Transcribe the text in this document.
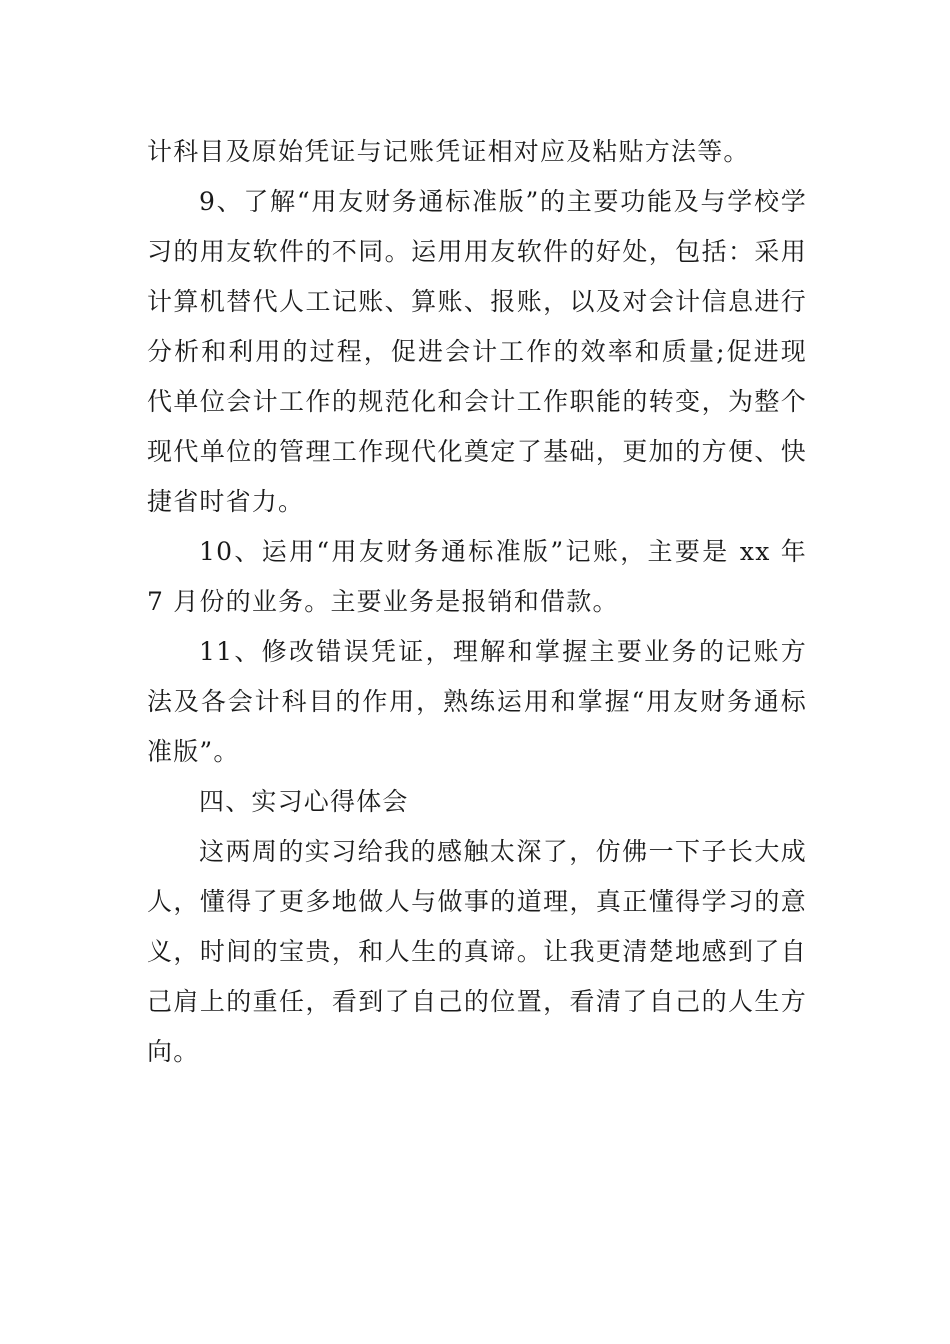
计科目及原始凭证与记账凭证相对应及粘贴方法等。

9、了解“用友财务通标准版”的主要功能及与学校学习的用友软件的不同。运用用友软件的好处，包括：采用计算机替代人工记账、算账、报账，以及对会计信息进行分析和利用的过程，促进会计工作的效率和质量;促进现代单位会计工作的规范化和会计工作职能的转变，为整个现代单位的管理工作现代化奠定了基础，更加的方便、快捷省时省力。

10、运用“用友财务通标准版”记账，主要是 xx 年 7 月份的业务。主要业务是报销和借款。

11、修改错误凭证，理解和掌握主要业务的记账方法及各会计科目的作用，熟练运用和掌握“用友财务通标准版”。

四、实习心得体会

这两周的实习给我的感触太深了，仿佛一下子长大成人，懂得了更多地做人与做事的道理，真正懂得学习的意义，时间的宝贵，和人生的真谛。让我更清楚地感到了自己肩上的重任，看到了自己的位置，看清了自己的人生方向。
